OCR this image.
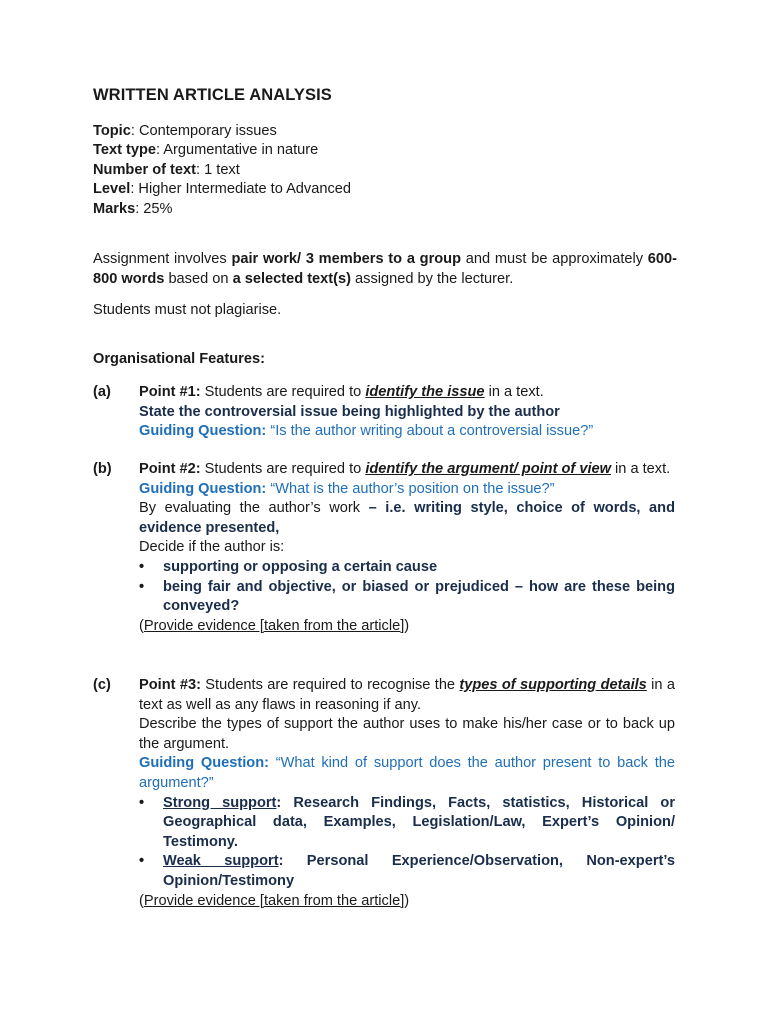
WRITTEN ARTICLE ANALYSIS
Topic: Contemporary issues
Text type: Argumentative in nature
Number of text: 1 text
Level: Higher Intermediate to Advanced
Marks: 25%
Assignment involves pair work/ 3 members to a group and must be approximately 600-800 words based on a selected text(s) assigned by the lecturer.
Students must not plagiarise.
Organisational Features:
(a) Point #1: Students are required to identify the issue in a text.
State the controversial issue being highlighted by the author
Guiding Question: “Is the author writing about a controversial issue?”
(b) Point #2: Students are required to identify the argument/ point of view in a text.
Guiding Question: “What is the author’s position on the issue?”
By evaluating the author’s work – i.e. writing style, choice of words, and evidence presented,
Decide if the author is:
• supporting or opposing a certain cause
• being fair and objective, or biased or prejudiced – how are these being conveyed?
(Provide evidence [taken from the article])
(c) Point #3: Students are required to recognise the types of supporting details in a text as well as any flaws in reasoning if any.
Describe the types of support the author uses to make his/her case or to back up the argument.
Guiding Question: “What kind of support does the author present to back the argument?”
• Strong support: Research Findings, Facts, statistics, Historical or Geographical data, Examples, Legislation/Law, Expert’s Opinion/ Testimony.
• Weak support: Personal Experience/Observation, Non-expert’s Opinion/Testimony
(Provide evidence [taken from the article])
